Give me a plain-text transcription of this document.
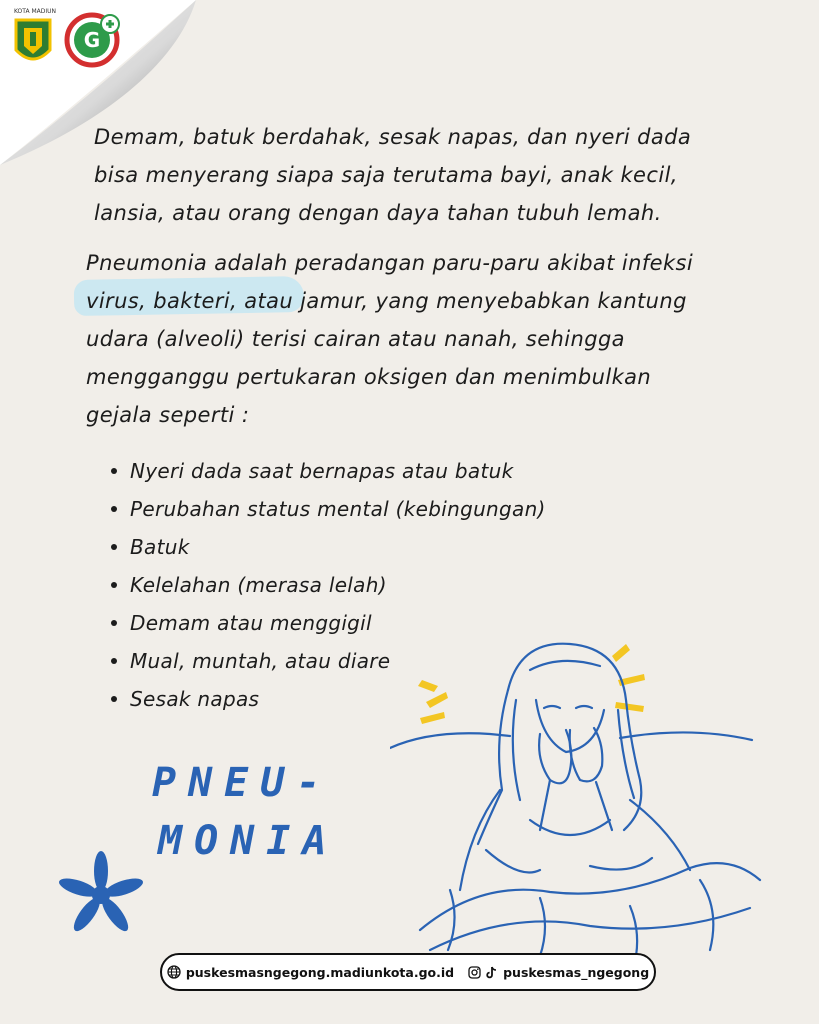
KOTA MADIUN
G
Demam, batuk berdahak, sesak napas, dan nyeri dada
bisa menyerang siapa saja terutama bayi, anak kecil,
lansia, atau orang dengan daya tahan tubuh lemah.
Pneumonia adalah peradangan paru-paru akibat infeksi
virus, bakteri, atau jamur, yang menyebabkan kantung
udara (alveoli) terisi cairan atau nanah, sehingga
mengganggu pertukaran oksigen dan menimbulkan
gejala seperti :
Nyeri dada saat bernapas atau batuk
Perubahan status mental (kebingungan)
Batuk
Kelelahan (merasa lelah)
Demam atau menggigil
Mual, muntah, atau diare
Sesak napas
PNEU-
MONIA
puskesmasngegong.madiunkota.go.id	puskesmas_ngegong
